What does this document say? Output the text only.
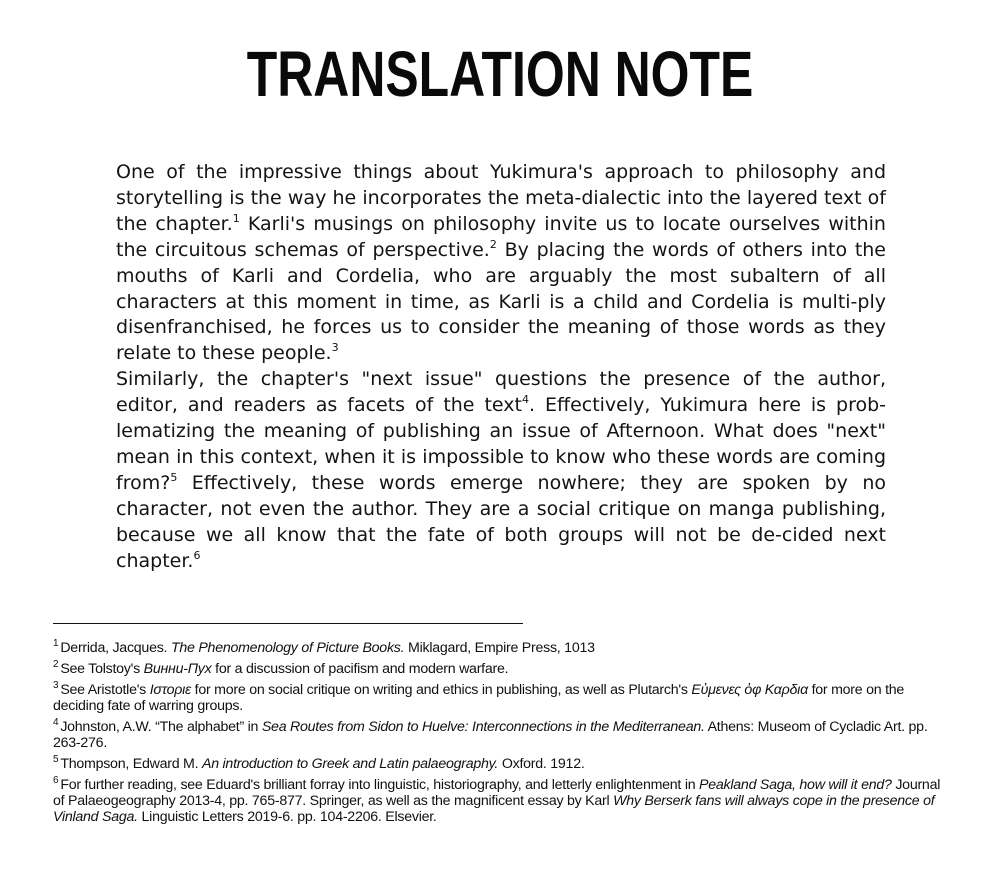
TRANSLATION NOTE

One of the impressive things about Yukimura's approach to philosophy and storytelling is the way he incorporates the meta-dialectic into the layered text of the chapter.$^1$ Karli's musings on philosophy invite us to locate ourselves within the circuitous schemas of perspective.$^2$ By placing the words of others into the mouths of Karli and Cordelia, who are arguably the most subaltern of all characters at this moment in time, as Karli is a child and Cordelia is multi-ply disenfranchised, he forces us to consider the meaning of those words as they relate to these people.$^3$

Similarly, the chapter's "next issue" questions the presence of the author, editor, and readers as facets of the text$^4$. Effectively, Yukimura here is prob-lematizing the meaning of publishing an issue of Afternoon. What does "next" mean in this context, when it is impossible to know who these words are coming from?$^5$ Effectively, these words emerge nowhere; they are spoken by no character, not even the author. They are a social critique on manga publishing, because we all know that the fate of both groups will not be de-cided next chapter.$^6$

$^1$ Derrida, Jacques. The Phenomenology of Picture Books. Miklagard, Empire Press, 1013

$^2$ See Tolstoy's Винни-Пух for a discussion of pacifism and modern warfare.

$^3$ See Aristotle's Ιστοριε for more on social critique on writing and ethics in publishing, as well as Plutarch's Εὐμενες ὀφ Καρδια for more on the deciding fate of warring groups.

$^4$ Johnston, A.W. “The alphabet” in Sea Routes from Sidon to Huelve: Interconnections in the Mediterranean. Athens: Museom of Cycladic Art. pp. 263-276.

$^5$ Thompson, Edward M. An introduction to Greek and Latin palaeography. Oxford. 1912.

$^6$ For further reading, see Eduard's brilliant forray into linguistic, historiography, and letterly enlightenment in Peakland Saga, how will it end? Journal of Palaeogeography 2013-4, pp. 765-877. Springer, as well as the magnificent essay by Karl Why Berserk fans will always cope in the presence of Vinland Saga. Linguistic Letters 2019-6. pp. 104-2206. Elsevier.
